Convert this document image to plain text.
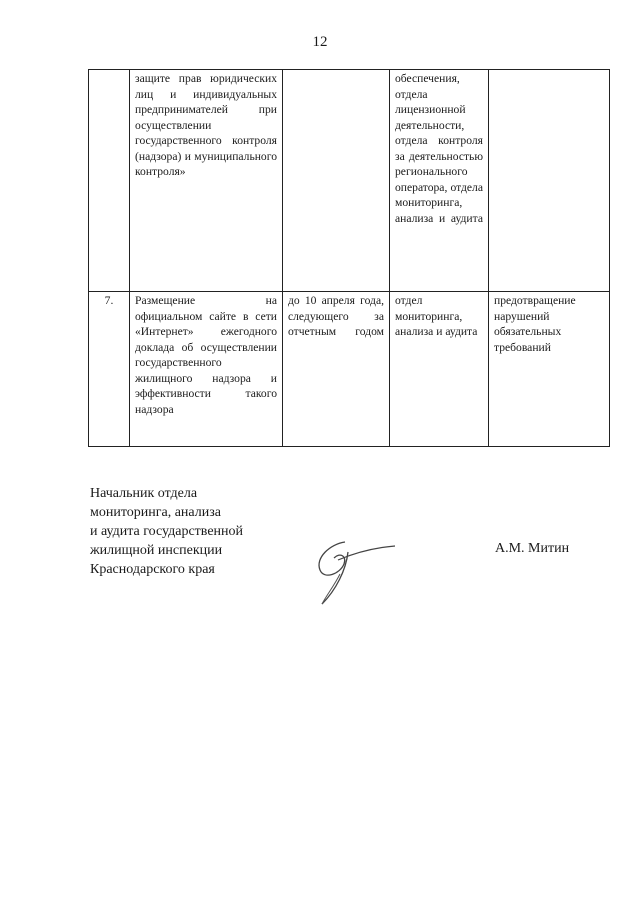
12
	защите прав юридических лиц и индивидуальных предпринимателей при осуществлении государственного контроля (надзора) и муниципального контроля»		обеспечения, отдела лицензионной деятельности, отдела контроля за деятельностью регионального оператора, отдела мониторинга, анализа и аудита	
7.	Размещение на официальном сайте в сети «Интернет» ежегодного доклада об осуществлении государственного жилищного надзора и эффективности такого надзора	до 10 апреля года, следующего за отчетным годом	отдел мониторинга, анализа и аудита	предотвращение нарушений обязательных требований
Начальник отдела
мониторинга, анализа
и аудита государственной
жилищной инспекции
Краснодарского края
А.М. Митин
